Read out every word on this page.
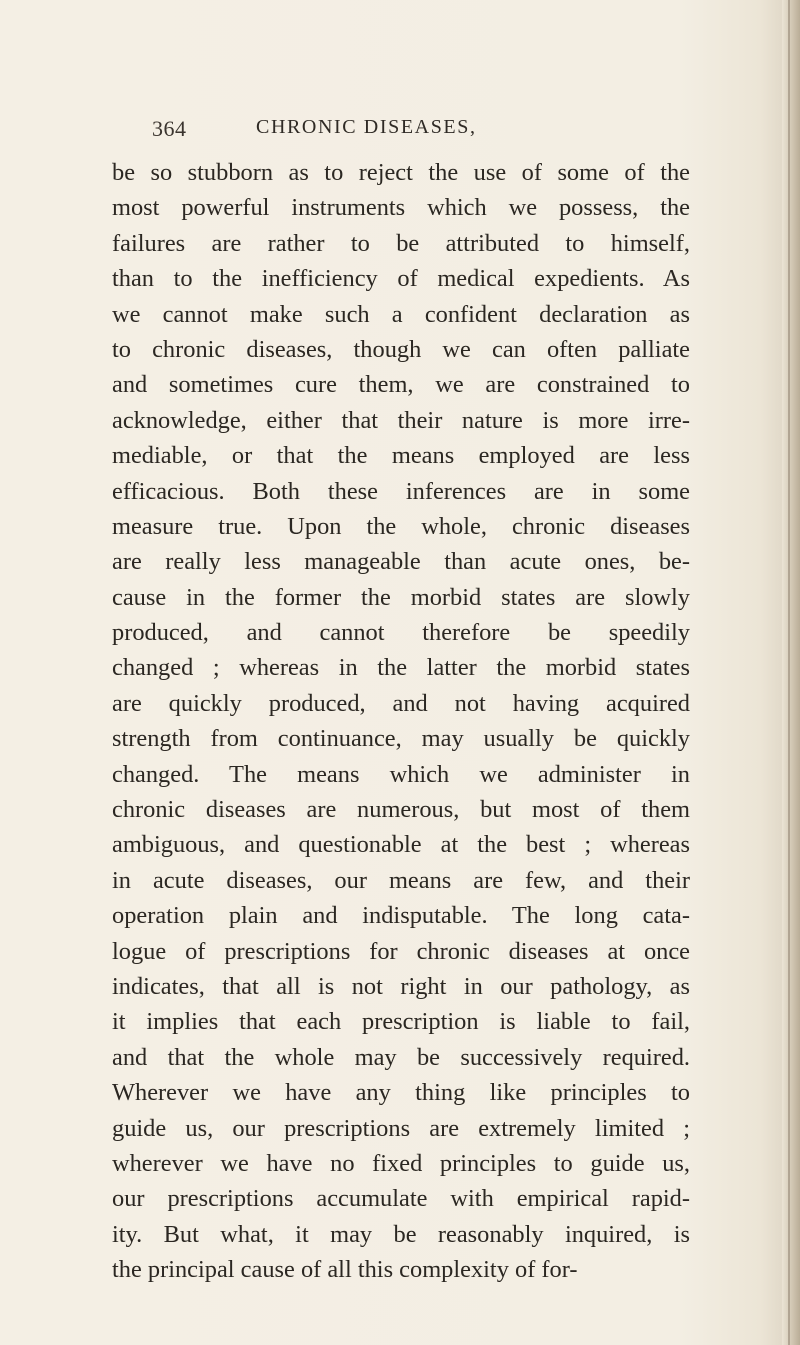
364	CHRONIC DISEASES,
be so stubborn as to reject the use of some of the
most powerful instruments which we possess, the
failures are rather to be attributed to himself,
than to the inefficiency of medical expedients. As
we cannot make such a confident declaration as
to chronic diseases, though we can often palliate
and sometimes cure them, we are constrained to
acknowledge, either that their nature is more irre-
mediable, or that the means employed are less
efficacious. Both these inferences are in some
measure true. Upon the whole, chronic diseases
are really less manageable than acute ones, be-
cause in the former the morbid states are slowly
produced, and cannot therefore be speedily
changed ; whereas in the latter the morbid states
are quickly produced, and not having acquired
strength from continuance, may usually be quickly
changed. The means which we administer in
chronic diseases are numerous, but most of them
ambiguous, and questionable at the best ; whereas
in acute diseases, our means are few, and their
operation plain and indisputable. The long cata-
logue of prescriptions for chronic diseases at once
indicates, that all is not right in our pathology, as
it implies that each prescription is liable to fail,
and that the whole may be successively required.
Wherever we have any thing like principles to
guide us, our prescriptions are extremely limited ;
wherever we have no fixed principles to guide us,
our prescriptions accumulate with empirical rapid-
ity. But what, it may be reasonably inquired, is
the principal cause of all this complexity of for-
